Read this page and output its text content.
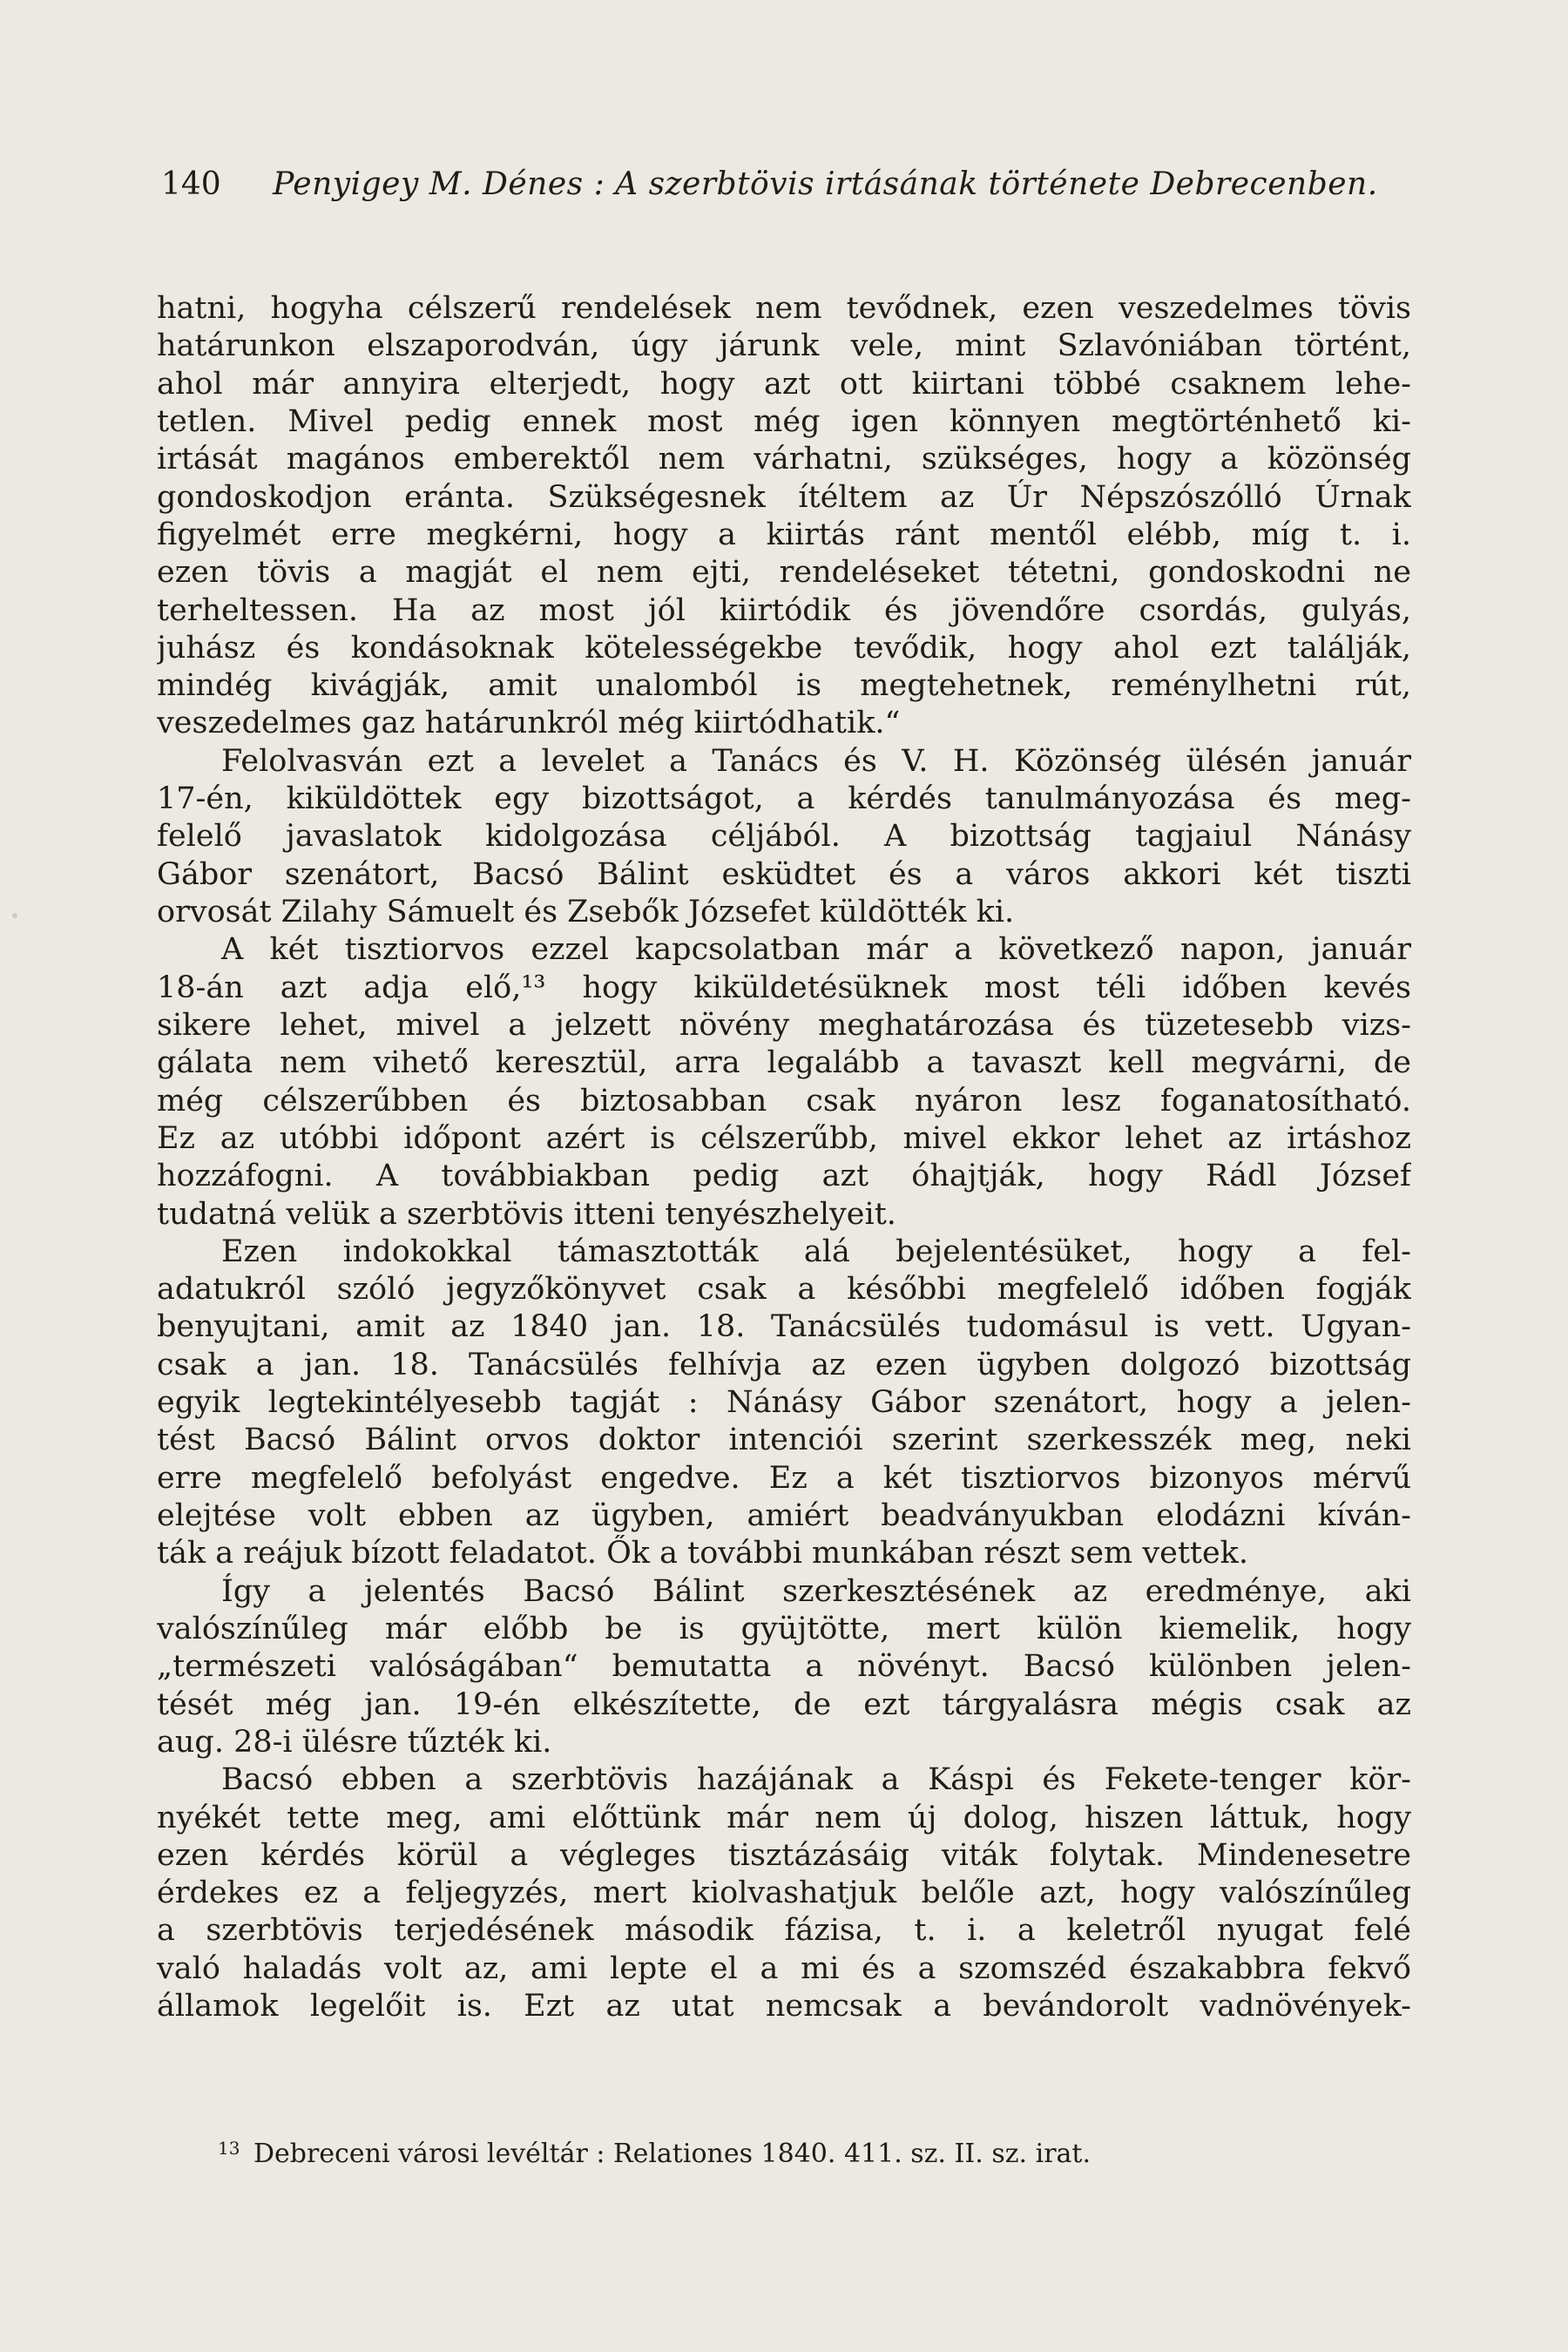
140 Penyigey M. Dénes : A szerbtövis irtásának története Debrecenben.
hatni, hogyha célszerű rendelések nem tevődnek, ezen veszedelmes tövis
határunkon elszaporodván, úgy járunk vele, mint Szlavóniában történt,
ahol már annyira elterjedt, hogy azt ott kiirtani többé csaknem lehe-
tetlen. Mivel pedig ennek most még igen könnyen megtörténhető ki-
irtását magános emberektől nem várhatni, szükséges, hogy a közönség
gondoskodjon eránta. Szükségesnek ítéltem az Úr Népszószólló Úrnak
figyelmét erre megkérni, hogy a kiirtás ránt mentől elébb, míg t. i.
ezen tövis a magját el nem ejti, rendeléseket tétetni, gondoskodni ne
terheltessen. Ha az most jól kiirtódik és jövendőre csordás, gulyás,
juhász és kondásoknak kötelességekbe tevődik, hogy ahol ezt találják,
mindég kivágják, amit unalomból is megtehetnek, reménylhetni rút,
veszedelmes gaz határunkról még kiirtódhatik.“
Felolvasván ezt a levelet a Tanács és V. H. Közönség ülésén január
17-én, kiküldöttek egy bizottságot, a kérdés tanulmányozása és meg-
felelő javaslatok kidolgozása céljából. A bizottság tagjaiul Nánásy
Gábor szenátort, Bacsó Bálint esküdtet és a város akkori két tiszti
orvosát Zilahy Sámuelt és Zsebők Józsefet küldötték ki.
A két tisztiorvos ezzel kapcsolatban már a következő napon, január
18-án azt adja elő,¹³ hogy kiküldetésüknek most téli időben kevés
sikere lehet, mivel a jelzett növény meghatározása és tüzetesebb vizs-
gálata nem vihető keresztül, arra legalább a tavaszt kell megvárni, de
még célszerűbben és biztosabban csak nyáron lesz foganatosítható.
Ez az utóbbi időpont azért is célszerűbb, mivel ekkor lehet az irtáshoz
hozzáfogni. A továbbiakban pedig azt óhajtják, hogy Rádl József
tudatná velük a szerbtövis itteni tenyészhelyeit.
Ezen indokokkal támasztották alá bejelentésüket, hogy a fel-
adatukról szóló jegyzőkönyvet csak a későbbi megfelelő időben fogják
benyujtani, amit az 1840 jan. 18. Tanácsülés tudomásul is vett. Ugyan-
csak a jan. 18. Tanácsülés felhívja az ezen ügyben dolgozó bizottság
egyik legtekintélyesebb tagját : Nánásy Gábor szenátort, hogy a jelen-
tést Bacsó Bálint orvos doktor intenciói szerint szerkesszék meg, neki
erre megfelelő befolyást engedve. Ez a két tisztiorvos bizonyos mérvű
elejtése volt ebben az ügyben, amiért beadványukban elodázni kíván-
ták a reájuk bízott feladatot. Ők a további munkában részt sem vettek.
Így a jelentés Bacsó Bálint szerkesztésének az eredménye, aki
valószínűleg már előbb be is gyüjtötte, mert külön kiemelik, hogy
„természeti valóságában“ bemutatta a növényt. Bacsó különben jelen-
tését még jan. 19-én elkészítette, de ezt tárgyalásra mégis csak az
aug. 28-i ülésre tűzték ki.
Bacsó ebben a szerbtövis hazájának a Káspi és Fekete-tenger kör-
nyékét tette meg, ami előttünk már nem új dolog, hiszen láttuk, hogy
ezen kérdés körül a végleges tisztázásáig viták folytak. Mindenesetre
érdekes ez a feljegyzés, mert kiolvashatjuk belőle azt, hogy valószínűleg
a szerbtövis terjedésének második fázisa, t. i. a keletről nyugat felé
való haladás volt az, ami lepte el a mi és a szomszéd északabbra fekvő
államok legelőit is. Ezt az utat nemcsak a bevándorolt vadnövények-
$^{13}$ Debreceni városi levéltár : Relationes 1840. 411. sz. II. sz. irat.
